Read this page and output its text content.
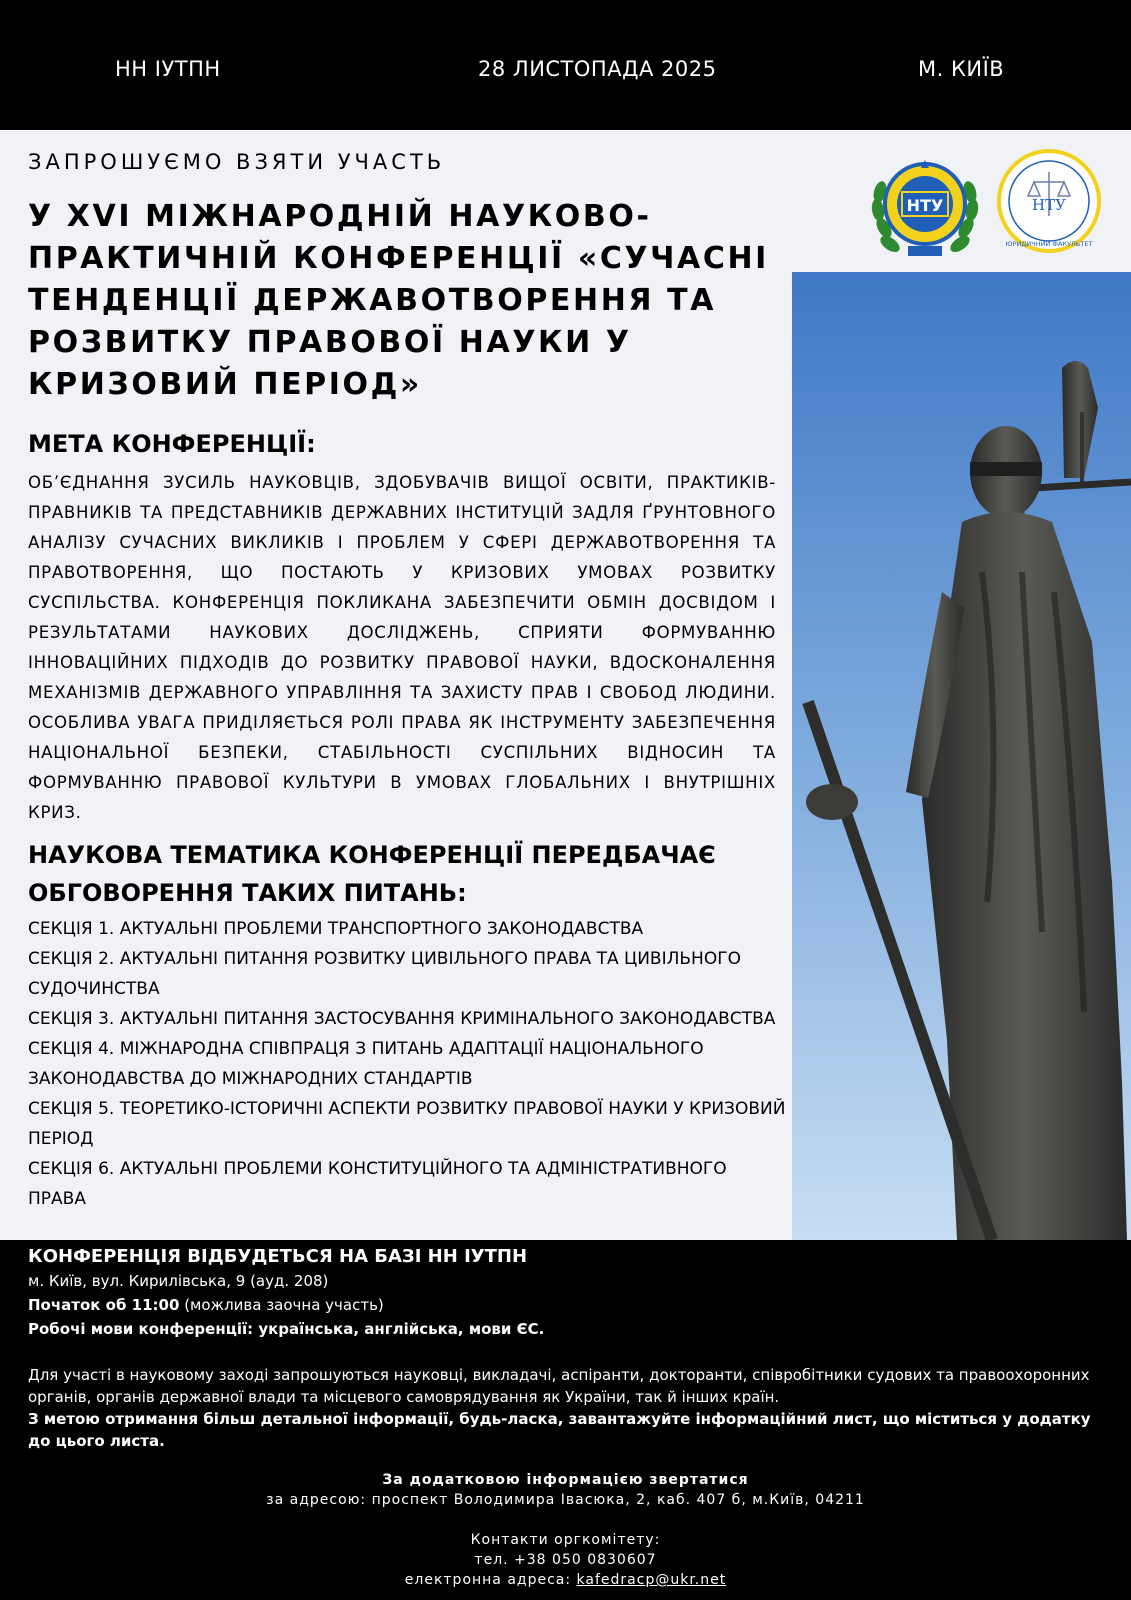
НН ІУТПН	28 ЛИСТОПАДА 2025	М. КИЇВ
ЗАПРОШУЄМО ВЗЯТИ УЧАСТЬ
У XVI МІЖНАРОДНІЙ НАУКОВО-ПРАКТИЧНІЙ КОНФЕРЕНЦІЇ «СУЧАСНІ ТЕНДЕНЦІЇ ДЕРЖАВОТВОРЕННЯ ТА РОЗВИТКУ ПРАВОВОЇ НАУКИ У КРИЗОВИЙ ПЕРІОД»
НТУ	НТУ
ЮРИДИЧНИЙ ФАКУЛЬТЕТ
МЕТА КОНФЕРЕНЦІЇ:

ОБ’ЄДНАННЯ ЗУСИЛЬ НАУКОВЦІВ, ЗДОБУВАЧІВ ВИЩОЇ ОСВІТИ, ПРАКТИКІВ-ПРАВНИКІВ ТА ПРЕДСТАВНИКІВ ДЕРЖАВНИХ ІНСТИТУЦІЙ ЗАДЛЯ ҐРУНТОВНОГО АНАЛІЗУ СУЧАСНИХ ВИКЛИКІВ І ПРОБЛЕМ У СФЕРІ ДЕРЖАВОТВОРЕННЯ ТА ПРАВОТВОРЕННЯ, ЩО ПОСТАЮТЬ У КРИЗОВИХ УМОВАХ РОЗВИТКУ СУСПІЛЬСТВА. КОНФЕРЕНЦІЯ ПОКЛИКАНА ЗАБЕЗПЕЧИТИ ОБМІН ДОСВІДОМ І РЕЗУЛЬТАТАМИ НАУКОВИХ ДОСЛІДЖЕНЬ, СПРИЯТИ ФОРМУВАННЮ ІННОВАЦІЙНИХ ПІДХОДІВ ДО РОЗВИТКУ ПРАВОВОЇ НАУКИ, ВДОСКОНАЛЕННЯ МЕХАНІЗМІВ ДЕРЖАВНОГО УПРАВЛІННЯ ТА ЗАХИСТУ ПРАВ І СВОБОД ЛЮДИНИ. ОСОБЛИВА УВАГА ПРИДІЛЯЄТЬСЯ РОЛІ ПРАВА ЯК ІНСТРУМЕНТУ ЗАБЕЗПЕЧЕННЯ НАЦІОНАЛЬНОЇ БЕЗПЕКИ, СТАБІЛЬНОСТІ СУСПІЛЬНИХ ВІДНОСИН ТА ФОРМУВАННЮ ПРАВОВОЇ КУЛЬТУРИ В УМОВАХ ГЛОБАЛЬНИХ І ВНУТРІШНІХ КРИЗ.

НАУКОВА ТЕМАТИКА КОНФЕРЕНЦІЇ ПЕРЕДБАЧАЄ ОБГОВОРЕННЯ ТАКИХ ПИТАНЬ:
СЕКЦІЯ 1. АКТУАЛЬНІ ПРОБЛЕМИ ТРАНСПОРТНОГО ЗАКОНОДАВСТВА
СЕКЦІЯ 2. АКТУАЛЬНІ ПИТАННЯ РОЗВИТКУ ЦИВІЛЬНОГО ПРАВА ТА ЦИВІЛЬНОГО СУДОЧИНСТВА
СЕКЦІЯ 3. АКТУАЛЬНІ ПИТАННЯ ЗАСТОСУВАННЯ КРИМІНАЛЬНОГО ЗАКОНОДАВСТВА
СЕКЦІЯ 4. МІЖНАРОДНА СПІВПРАЦЯ З ПИТАНЬ АДАПТАЦІЇ НАЦІОНАЛЬНОГО ЗАКОНОДАВСТВА ДО МІЖНАРОДНИХ СТАНДАРТІВ
СЕКЦІЯ 5. ТЕОРЕТИКО-ІСТОРИЧНІ АСПЕКТИ РОЗВИТКУ ПРАВОВОЇ НАУКИ У КРИЗОВИЙ ПЕРІОД
СЕКЦІЯ 6. АКТУАЛЬНІ ПРОБЛЕМИ КОНСТИТУЦІЙНОГО ТА АДМІНІСТРАТИВНОГО ПРАВА
КОНФЕРЕНЦІЯ ВІДБУДЕТЬСЯ НА БАЗІ НН ІУТПН
м. Київ, вул. Кирилівська, 9 (ауд. 208)
Початок об 11:00 (можлива заочна участь)
Робочі мови конференції: українська, англійська, мови ЄС.
Для участі в науковому заході запрошуються науковці, викладачі, аспіранти, докторанти, співробітники судових та правоохоронних органів, органів державної влади та місцевого самоврядування як України, так й інших країн.
З метою отримання більш детальної інформації, будь-ласка, завантажуйте інформаційний лист, що міститься у додатку до цього листа.
За додатковою інформацією звертатися
за адресою: проспект Володимира Івасюка, 2, каб. 407 б, м.Київ, 04211
Контакти оргкомітету:
тел. +38 050 0830607
електронна адреса: kafedracp@ukr.net
